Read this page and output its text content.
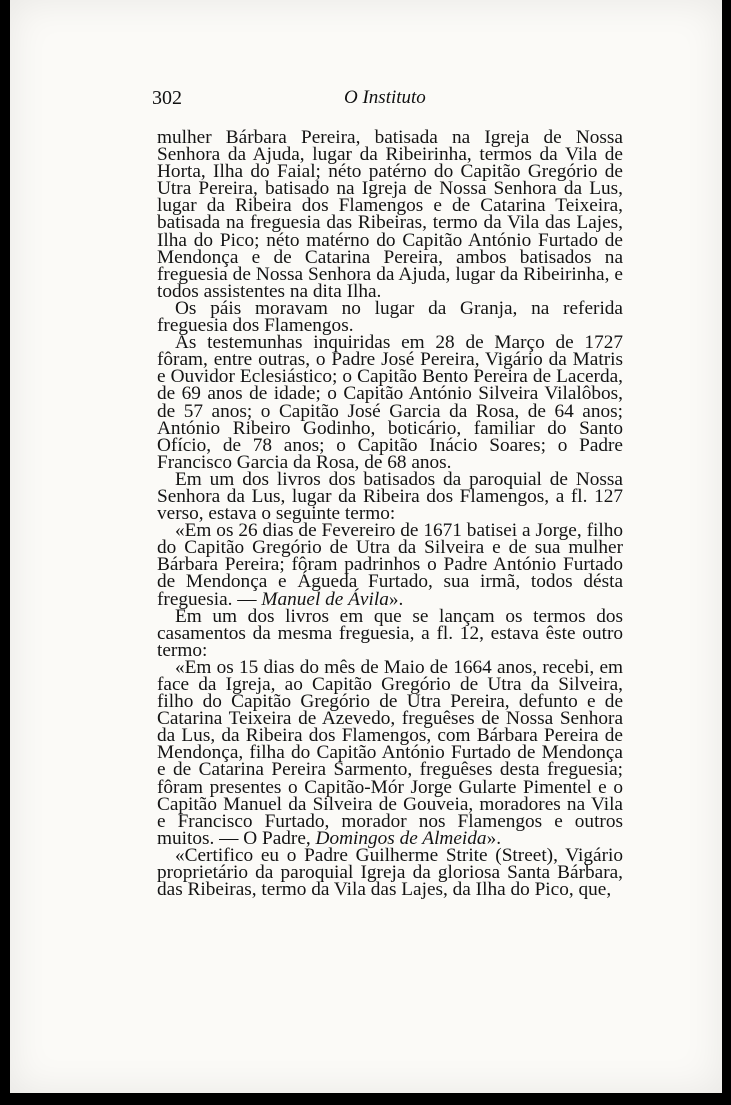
302	O Instituto

mulher Bárbara Pereira, batisada na Igreja de Nossa Senhora da Ajuda, lugar da Ribeirinha, termos da Vila de Horta, Ilha do Faial; néto patérno do Capitão Gregório de Utra Pereira, batisado na Igreja de Nossa Senhora da Lus, lugar da Ribeira dos Flamengos e de Catarina Teixeira, batisada na freguesia das Ribeiras, termo da Vila das Lajes, Ilha do Pico; néto matérno do Capitão António Furtado de Mendonça e de Catarina Pereira, ambos batisados na freguesia de Nossa Senhora da Ajuda, lugar da Ribeirinha, e todos assistentes na dita Ilha.

Os páis moravam no lugar da Granja, na referida freguesia dos Flamengos.

As testemunhas inquiridas em 28 de Março de 1727 fôram, entre outras, o Padre José Pereira, Vigário da Matris e Ouvidor Eclesiástico; o Capitão Bento Pereira de Lacerda, de 69 anos de idade; o Capitão António Silveira Vilalôbos, de 57 anos; o Capitão José Garcia da Rosa, de 64 anos; António Ribeiro Godinho, boticário, familiar do Santo Ofício, de 78 anos; o Capitão Inácio Soares; o Padre Francisco Garcia da Rosa, de 68 anos.

Em um dos livros dos batisados da paroquial de Nossa Senhora da Lus, lugar da Ribeira dos Flamengos, a fl. 127 verso, estava o seguinte termo:

«Em os 26 dias de Fevereiro de 1671 batisei a Jorge, filho do Capitão Gregório de Utra da Silveira e de sua mulher Bárbara Pereira; fôram padrinhos o Padre António Furtado de Mendonça e Águeda Furtado, sua irmã, todos désta freguesia. — Manuel de Ávila».

Em um dos livros em que se lançam os termos dos casamentos da mesma freguesia, a fl. 12, estava êste outro termo:

«Em os 15 dias do mês de Maio de 1664 anos, recebi, em face da Igreja, ao Capitão Gregório de Utra da Silveira, filho do Capitão Gregório de Utra Pereira, defunto e de Catarina Teixeira de Azevedo, freguêses de Nossa Senhora da Lus, da Ribeira dos Flamengos, com Bárbara Pereira de Mendonça, filha do Capitão António Furtado de Mendonça e de Catarina Pereira Sarmento, freguêses desta freguesia; fôram presentes o Capitão-Mór Jorge Gularte Pimentel e o Capitão Manuel da Silveira de Gouveia, moradores na Vila e Francisco Furtado, morador nos Flamengos e outros muitos. — O Padre, Domingos de Almeida».

«Certifico eu o Padre Guilherme Strite (Street), Vigário proprietário da paroquial Igreja da gloriosa Santa Bárbara, das Ribeiras, termo da Vila das Lajes, da Ilha do Pico, que,
